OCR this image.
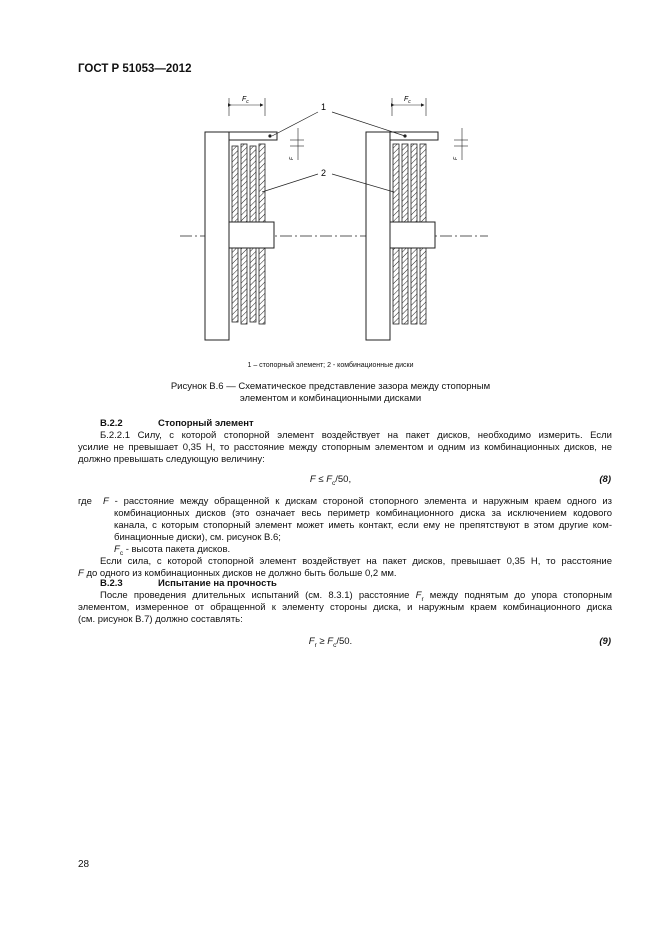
ГОСТ Р 51053—2012
$F_c$	$F_c$
F	F
1
2
1 – стопорный элемент; 2 - комбинационные диски
Рисунок В.6 — Схематическое представление зазора между стопорным
элементом и комбинационными дисками
В.2.2	Стопорный элемент
Б.2.2.1 Силу, с которой стопорной элемент воздействует на пакет дисков, необходимо измерить. Если
усилие не превышает 0,35 Н, то расстояние между стопорным элементом и одним из комбинационных дисков, не
должно превышать следующую величину:
$F \le F_c/50$,	(8)
где F - расстояние между обращенной к дискам стороной стопорного элемента и наружным краем одного из
комбинационных дисков (это означает весь периметр комбинационного диска за исключением кодового
канала, с которым стопорный элемент может иметь контакт, если ему не препятствуют в этом другие ком-
бинационные диски), см. рисунок В.6;
$F_c$ - высота пакета дисков.
Если сила, с которой стопорной элемент воздействует на пакет дисков, превышает 0,35 Н, то расстояние
F до одного из комбинационных дисков не должно быть больше 0,2 мм.
В.2.3	Испытание на прочность
После проведения длительных испытаний (см. 8.3.1) расстояние $F_r$ между поднятым до упора стопорным
элементом, измеренное от обращенной к элементу стороны диска, и наружным краем комбинационного диска
(см. рисунок В.7) должно составлять:
$F_r \ge F_c/50$.	(9)
28
